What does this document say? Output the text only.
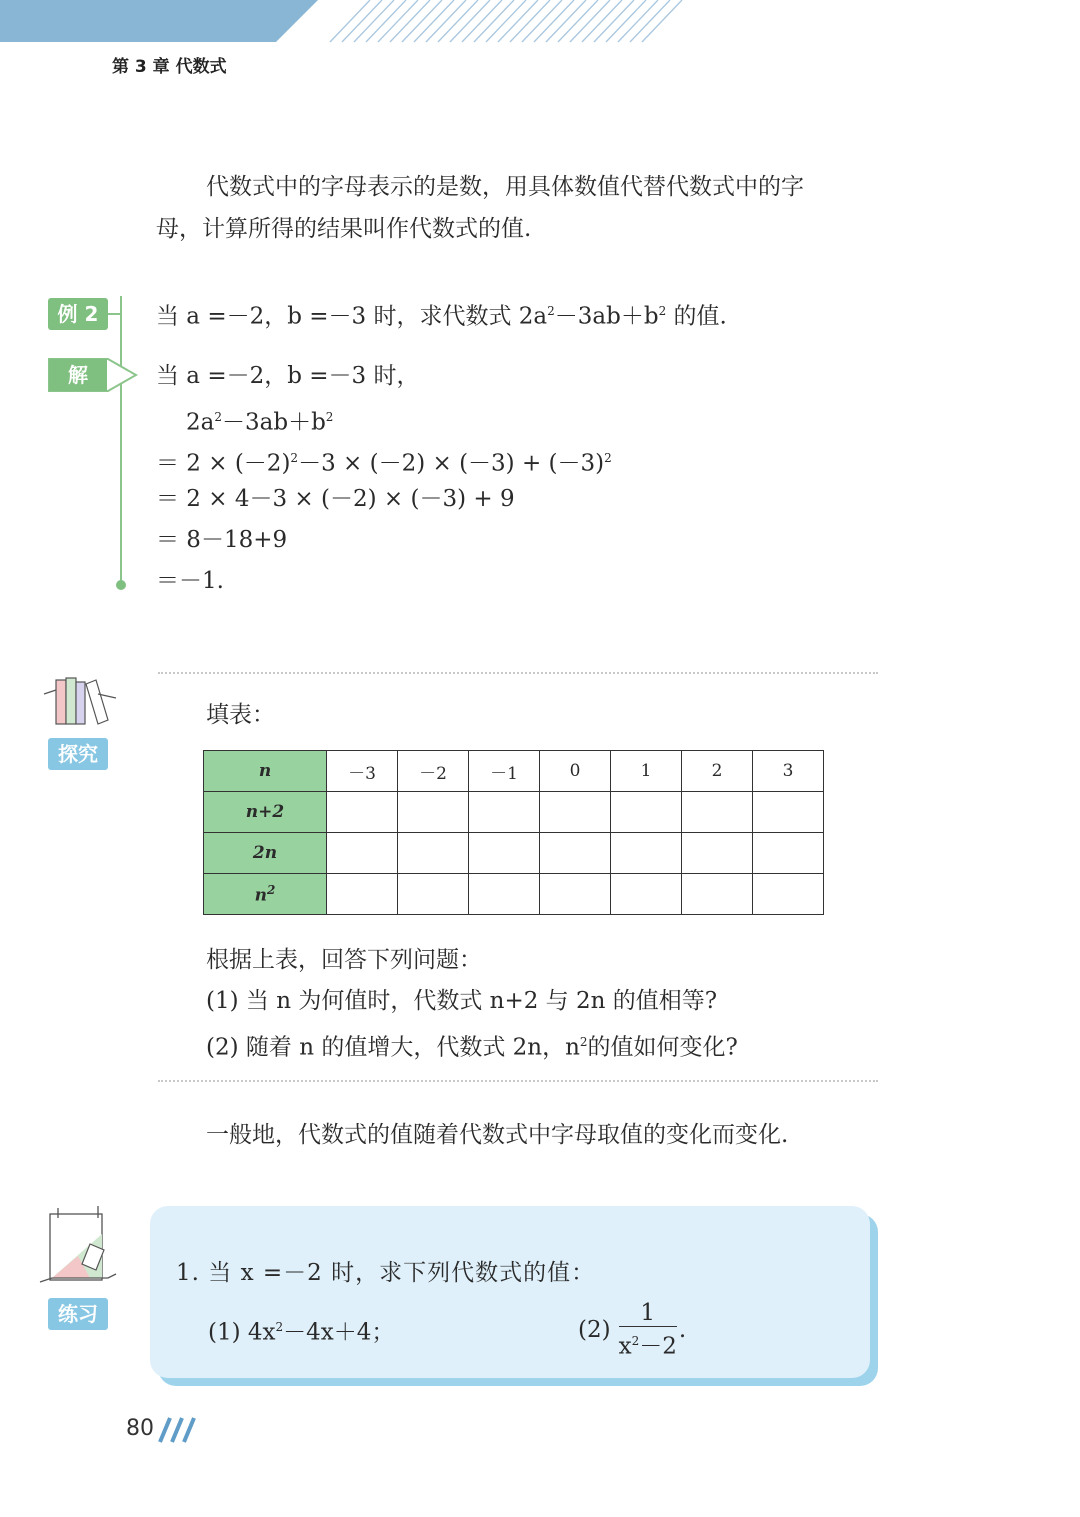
第 3 章 代数式
代数式中的字母表示的是数，用具体数值代替代数式中的字
母，计算所得的结果叫作代数式的值.
例 2	当 a =－2，b =－3 时，求代数式 $2a^2-3ab+b^2$ 的值.
解	当 a =－2，b =－3 时，
$2a^2-3ab+b^2$
＝ $2 \times (-2)^2-3 \times (-2) \times (-3) + (-3)^2$
＝ 2 × 4－3 × (－2) × (－3) + 9
＝ 8－18+9
＝－1.
探究
填表：
n	－3	－2	－1	0	1	2	3
n+2							
2n							
$n^2$							
根据上表，回答下列问题：
(1) 当 n 为何值时，代数式 n+2 与 2n 的值相等?
(2) 随着 n 的值增大，代数式 2n，$n^2$的值如何变化?
一般地，代数式的值随着代数式中字母取值的变化而变化.
练习
1. 当 x =－2 时，求下列代数式的值：
(1) $4x^2-4x+4$；	$(2) \frac{1}{x^2-2}$ .
80
